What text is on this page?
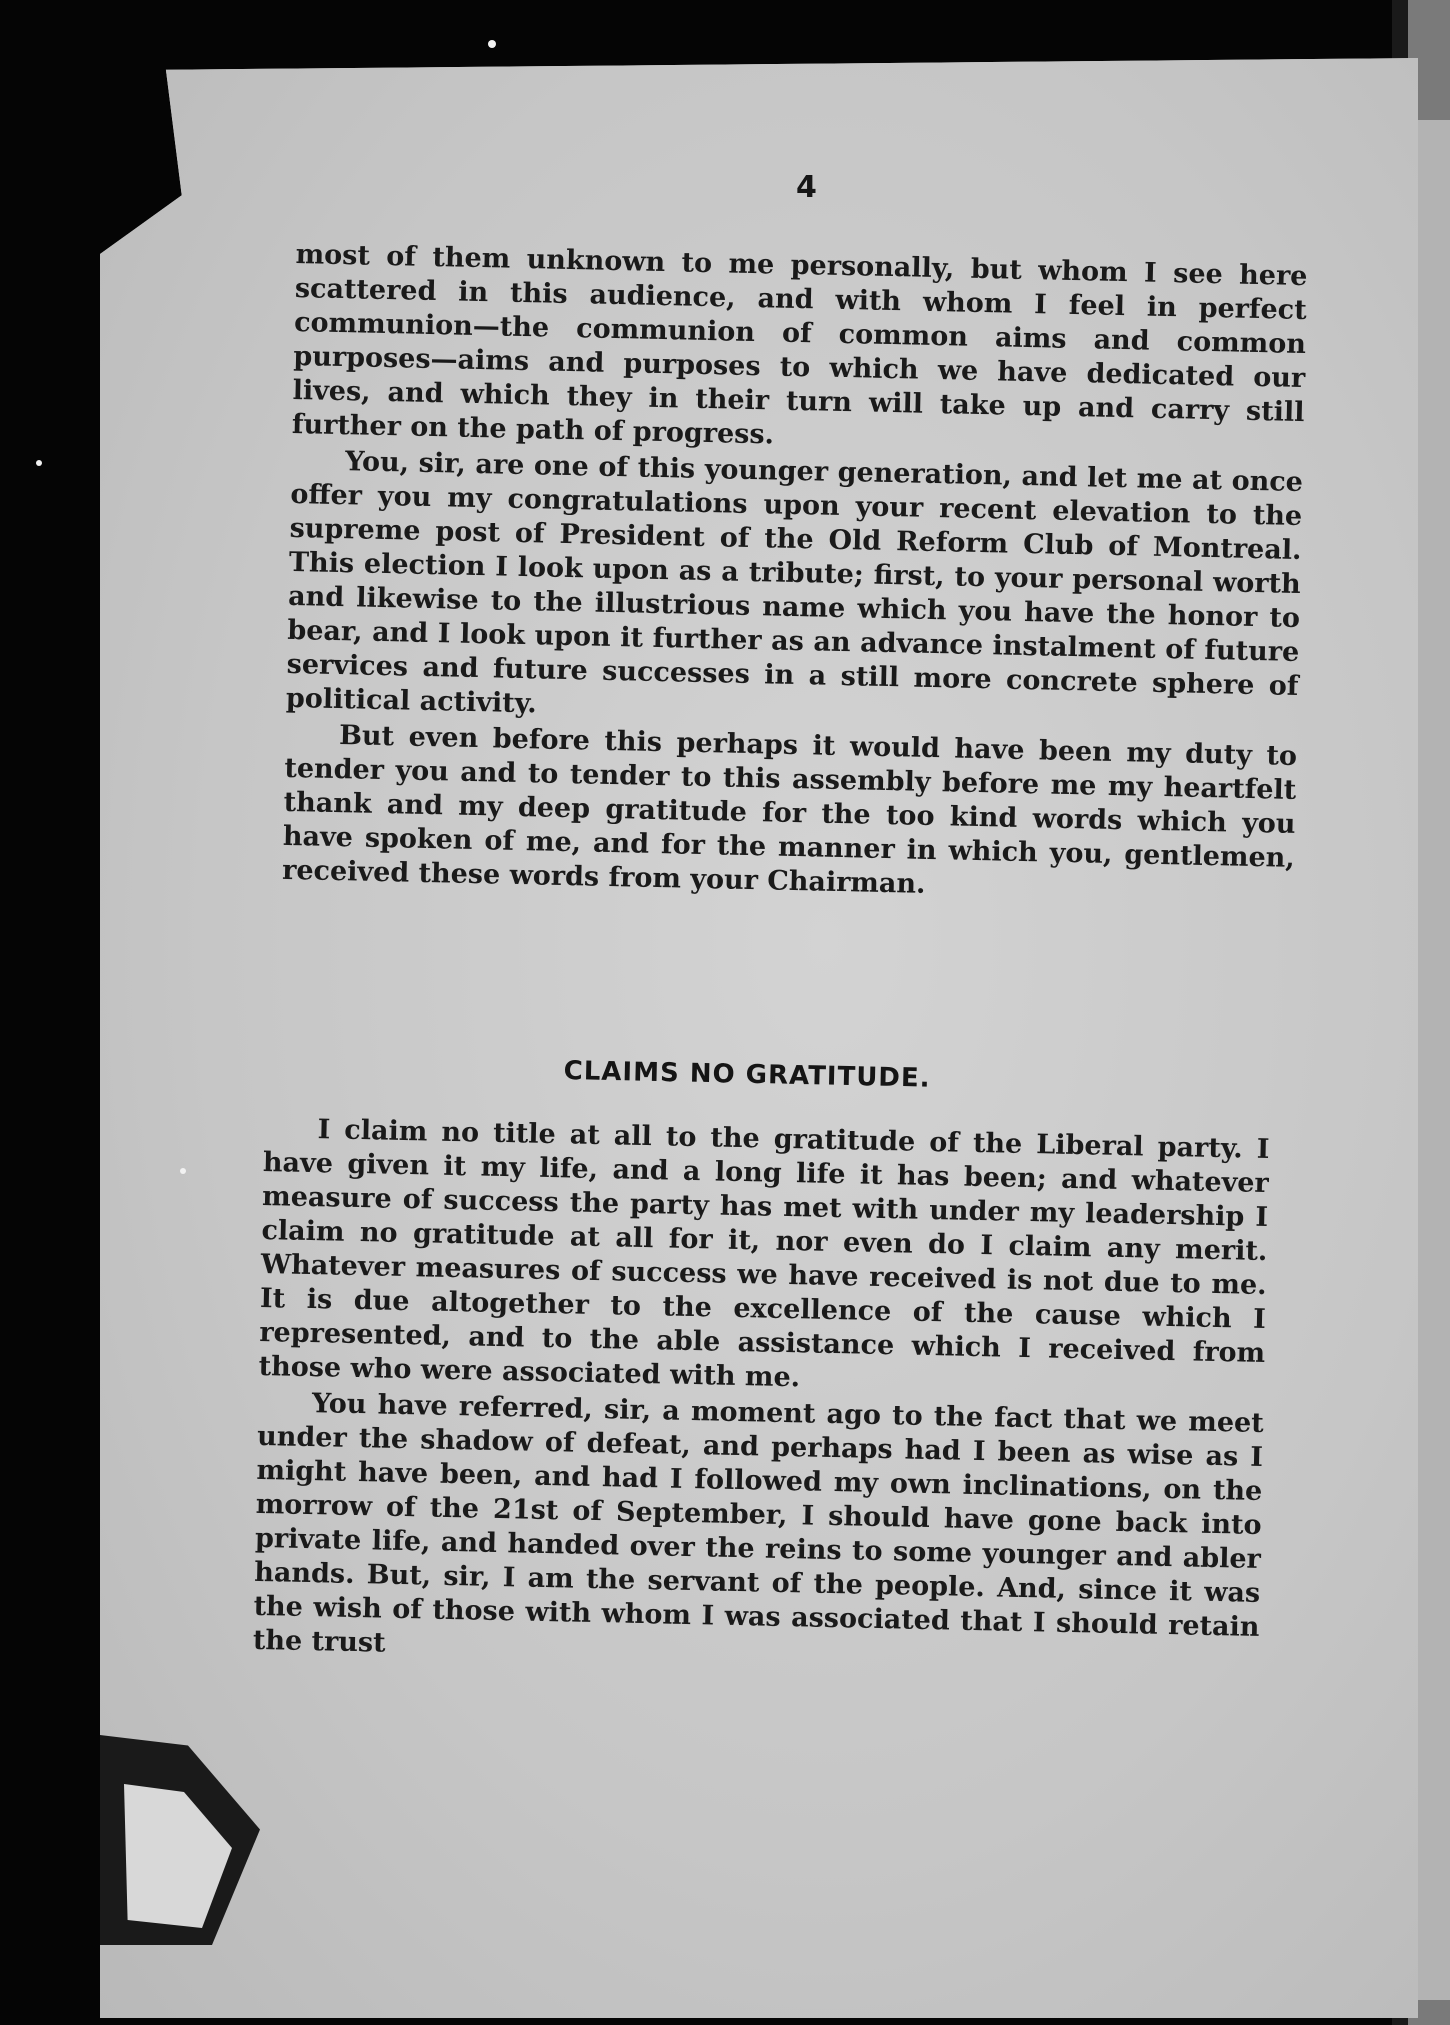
4

most of them unknown to me personally, but whom I see here scattered in this audience, and with whom I feel in perfect communion—the communion of common aims and common purposes—aims and purposes to which we have dedicated our lives, and which they in their turn will take up and carry still further on the path of progress.

You, sir, are one of this younger generation, and let me at once offer you my congratulations upon your recent elevation to the supreme post of President of the Old Reform Club of Montreal. This election I look upon as a tribute; first, to your personal worth and likewise to the illustrious name which you have the honor to bear, and I look upon it further as an advance instalment of future services and future successes in a still more concrete sphere of political activity.

But even before this perhaps it would have been my duty to tender you and to tender to this assembly before me my heartfelt thank and my deep gratitude for the too kind words which you have spoken of me, and for the manner in which you, gentlemen, received these words from your Chairman.

CLAIMS NO GRATITUDE.

I claim no title at all to the gratitude of the Liberal party. I have given it my life, and a long life it has been; and whatever measure of success the party has met with under my leadership I claim no gratitude at all for it, nor even do I claim any merit. Whatever measures of success we have received is not due to me. It is due altogether to the excellence of the cause which I represented, and to the able assistance which I received from those who were associated with me.

You have referred, sir, a moment ago to the fact that we meet under the shadow of defeat, and perhaps had I been as wise as I might have been, and had I followed my own inclinations, on the morrow of the 21st of September, I should have gone back into private life, and handed over the reins to some younger and abler hands. But, sir, I am the servant of the people. And, since it was the wish of those with whom I was associated that I should retain the trust
